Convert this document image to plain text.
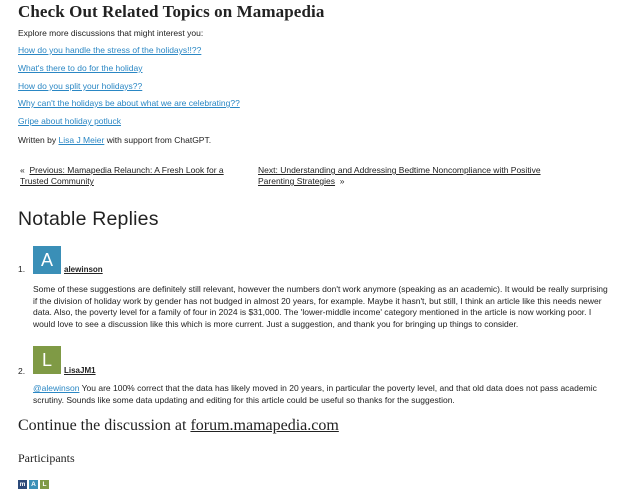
Check Out Related Topics on Mamapedia

Explore more discussions that might interest you:

How do you handle the stress of the holidays!!??
What's there to do for the holiday
How do you split your holidays??
Why can't the holidays be about what we are celebrating??
Gripe about holiday potluck

Written by Lisa J Meier with support from ChatGPT.

« Previous: Mamapedia Relaunch: A Fresh Look for a Trusted Community
Next: Understanding and Addressing Bedtime Noncompliance with Positive Parenting Strategies »
Notable Replies
1. A	alewinson

Some of these suggestions are definitely still relevant, however the numbers don't work anymore (speaking as an academic). It would be really surprising if the division of holiday work by gender has not budged in almost 20 years, for example. Maybe it hasn't, but still, I think an article like this needs newer data. Also, the poverty level for a family of four in 2024 is $31,000. The 'lower-middle income' category mentioned in the article is now working poor. I would love to see a discussion like this which is more current. Just a suggestion, and thank you for bringing up things to consider.

2.
L
LisaJM1

@alewinson You are 100% correct that the data has likely moved in 20 years, in particular the poverty level, and that old data does not pass academic scrutiny. Sounds like some data updating and editing for this article could be useful so thanks for the suggestion.

Continue the discussion at forum.mamapedia.com
Participants
m A	L
